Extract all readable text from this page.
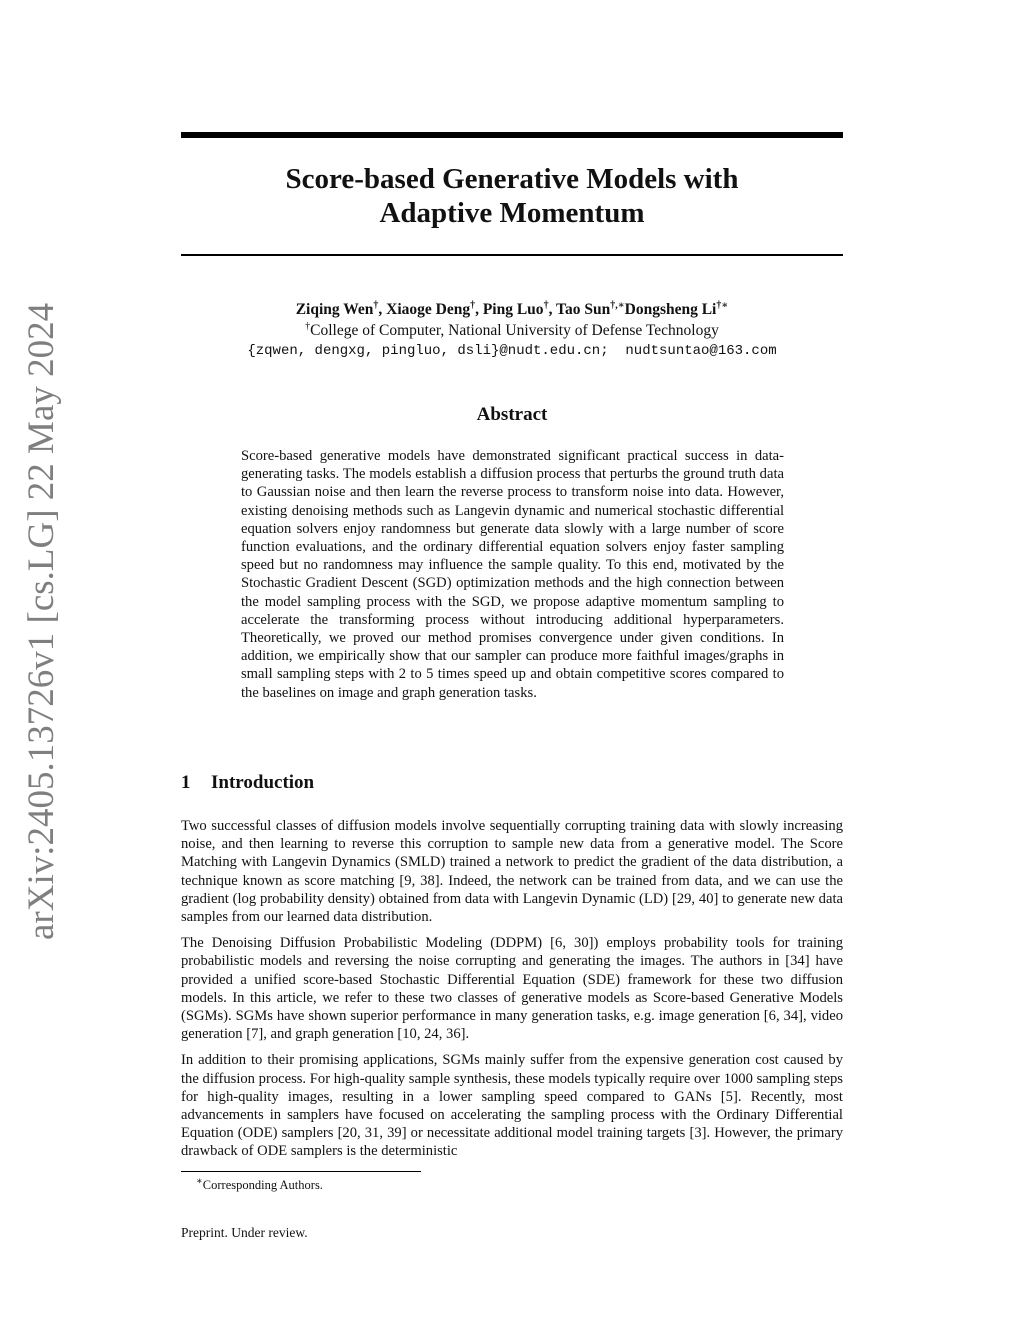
arXiv:2405.13726v1 [cs.LG] 22 May 2024
Score-based Generative Models with
Adaptive Momentum
Ziqing Wen†, Xiaoge Deng†, Ping Luo†, Tao Sun†,∗Dongsheng Li†∗
†College of Computer, National University of Defense Technology
{zqwen, dengxg, pingluo, dsli}@nudt.edu.cn;  nudtsuntao@163.com
Abstract

Score-based generative models have demonstrated significant practical success in data-generating tasks. The models establish a diffusion process that perturbs the ground truth data to Gaussian noise and then learn the reverse process to transform noise into data. However, existing denoising methods such as Langevin dynamic and numerical stochastic differential equation solvers enjoy randomness but generate data slowly with a large number of score function evaluations, and the ordinary differential equation solvers enjoy faster sampling speed but no randomness may influence the sample quality. To this end, motivated by the Stochastic Gradient Descent (SGD) optimization methods and the high connection between the model sampling process with the SGD, we propose adaptive momentum sampling to accelerate the transforming process without introducing additional hyperparameters. Theoretically, we proved our method promises convergence under given conditions. In addition, we empirically show that our sampler can produce more faithful images/graphs in small sampling steps with 2 to 5 times speed up and obtain competitive scores compared to the baselines on image and graph generation tasks.

1 Introduction

Two successful classes of diffusion models involve sequentially corrupting training data with slowly increasing noise, and then learning to reverse this corruption to sample new data from a generative model. The Score Matching with Langevin Dynamics (SMLD) trained a network to predict the gradient of the data distribution, a technique known as score matching [9, 38]. Indeed, the network can be trained from data, and we can use the gradient (log probability density) obtained from data with Langevin Dynamic (LD) [29, 40] to generate new data samples from our learned data distribution.

The Denoising Diffusion Probabilistic Modeling (DDPM) [6, 30]) employs probability tools for training probabilistic models and reversing the noise corrupting and generating the images. The authors in [34] have provided a unified score-based Stochastic Differential Equation (SDE) framework for these two diffusion models. In this article, we refer to these two classes of generative models as Score-based Generative Models (SGMs). SGMs have shown superior performance in many generation tasks, e.g. image generation [6, 34], video generation [7], and graph generation [10, 24, 36].

In addition to their promising applications, SGMs mainly suffer from the expensive generation cost caused by the diffusion process. For high-quality sample synthesis, these models typically require over 1000 sampling steps for high-quality images, resulting in a lower sampling speed compared to GANs [5]. Recently, most advancements in samplers have focused on accelerating the sampling process with the Ordinary Differential Equation (ODE) samplers [20, 31, 39] or necessitate additional model training targets [3]. However, the primary drawback of ODE samplers is the deterministic

∗Corresponding Authors.
Preprint. Under review.
